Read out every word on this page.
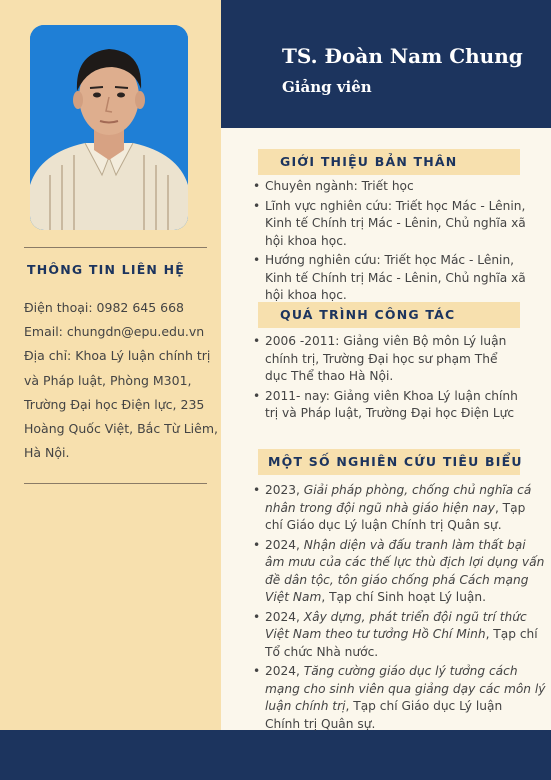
TS. Đoàn Nam Chung
Giảng viên
THÔNG TIN LIÊN HỆ
Điện thoại: 0982 645 668
Email: chungdn@epu.edu.vn
Địa chỉ: Khoa Lý luận chính trị
và Pháp luật, Phòng M301,
Trường Đại học Điện lực, 235
Hoàng Quốc Việt, Bắc Từ Liêm,
Hà Nội.
GIỚI THIỆU BẢN THÂN
• Chuyên ngành: Triết học
• Lĩnh vực nghiên cứu: Triết học Mác - Lênin,
Kinh tế Chính trị Mác - Lênin, Chủ nghĩa xã
hội khoa học.
• Hướng nghiên cứu: Triết học Mác - Lênin,
Kinh tế Chính trị Mác - Lênin, Chủ nghĩa xã
hội khoa học.
QUÁ TRÌNH CÔNG TÁC
• 2006 -2011: Giảng viên Bộ môn Lý luận
chính trị, Trường Đại học sư phạm Thể
dục Thể thao Hà Nội.
• 2011- nay: Giảng viên Khoa Lý luận chính
trị và Pháp luật, Trường Đại học Điện Lực
MỘT SỐ NGHIÊN CỨU TIÊU BIỂU
• 2023, Giải pháp phòng, chống chủ nghĩa cá
nhân trong đội ngũ nhà giáo hiện nay, Tạp
chí Giáo dục Lý luận Chính trị Quân sự.
• 2024, Nhận diện và đấu tranh làm thất bại
âm mưu của các thế lực thù địch lợi dụng vấn
đề dân tộc, tôn giáo chống phá Cách mạng
Việt Nam, Tạp chí Sinh hoạt Lý luận.
• 2024, Xây dựng, phát triển đội ngũ trí thức
Việt Nam theo tư tưởng Hồ Chí Minh, Tạp chí
Tổ chức Nhà nước.
• 2024, Tăng cường giáo dục lý tưởng cách
mạng cho sinh viên qua giảng dạy các môn lý
luận chính trị, Tạp chí Giáo dục Lý luận
Chính trị Quân sự.
